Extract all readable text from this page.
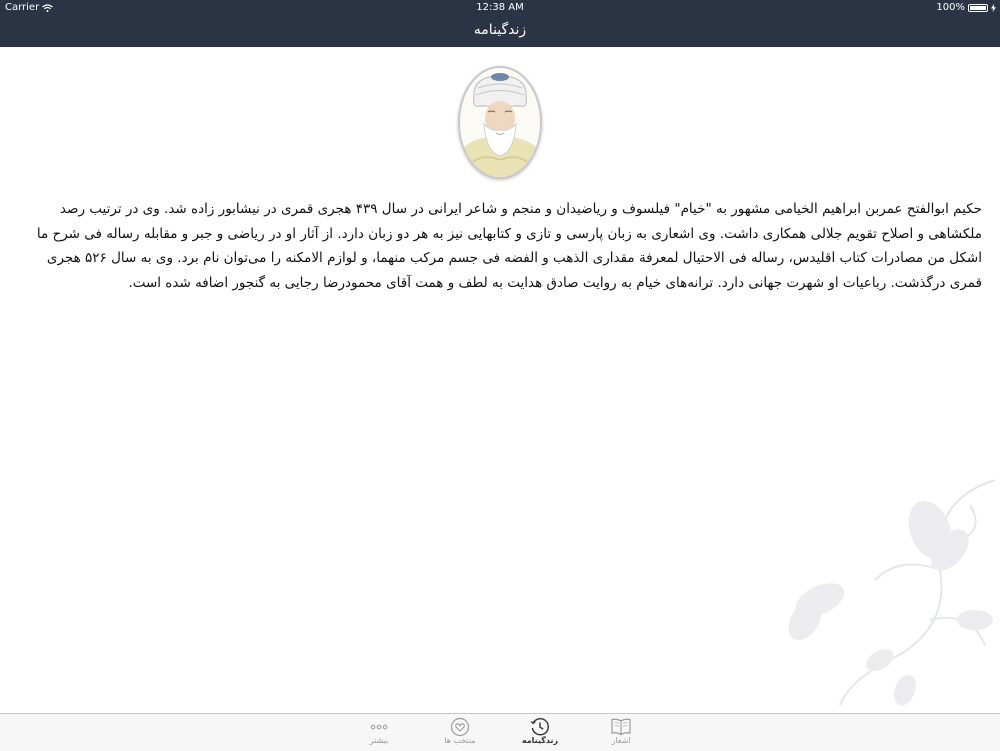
Carrier	12:38 AM	100%
زندگینامه
حکیم ابوالفتح عمربن ابراهیم الخیامی مشهور به "خیام" فیلسوف و ریاضیدان و منجم و شاعر ایرانی در سال ۴۳۹ هجری قمری در نیشابور زاده شد. وی در ترتیب رصد ملکشاهی و اصلاح تقویم جلالی همکاری داشت. وی اشعاری به زبان پارسی و تازی و کتابهایی نیز به هر دو زبان دارد. از آثار او در ریاضی و جبر و مقابله رساله فی شرح ما اشکل من مصادرات کتاب اقلیدس، رساله فی الاحتیال لمعرفة مقداری الذهب و الفضه فی جسم مرکب منهما، و لوازم الامکنه را می‌توان نام برد. وی به سال ۵۲۶ هجری قمری درگذشت. رباعیات او شهرت جهانی دارد. ترانه‌های خیام به روایت صادق هدایت به لطف و همت آقای محمودرضا رجایی به گنجور اضافه شده است.
بیشتر	منتخب ها	زندگینامه	اشعار
